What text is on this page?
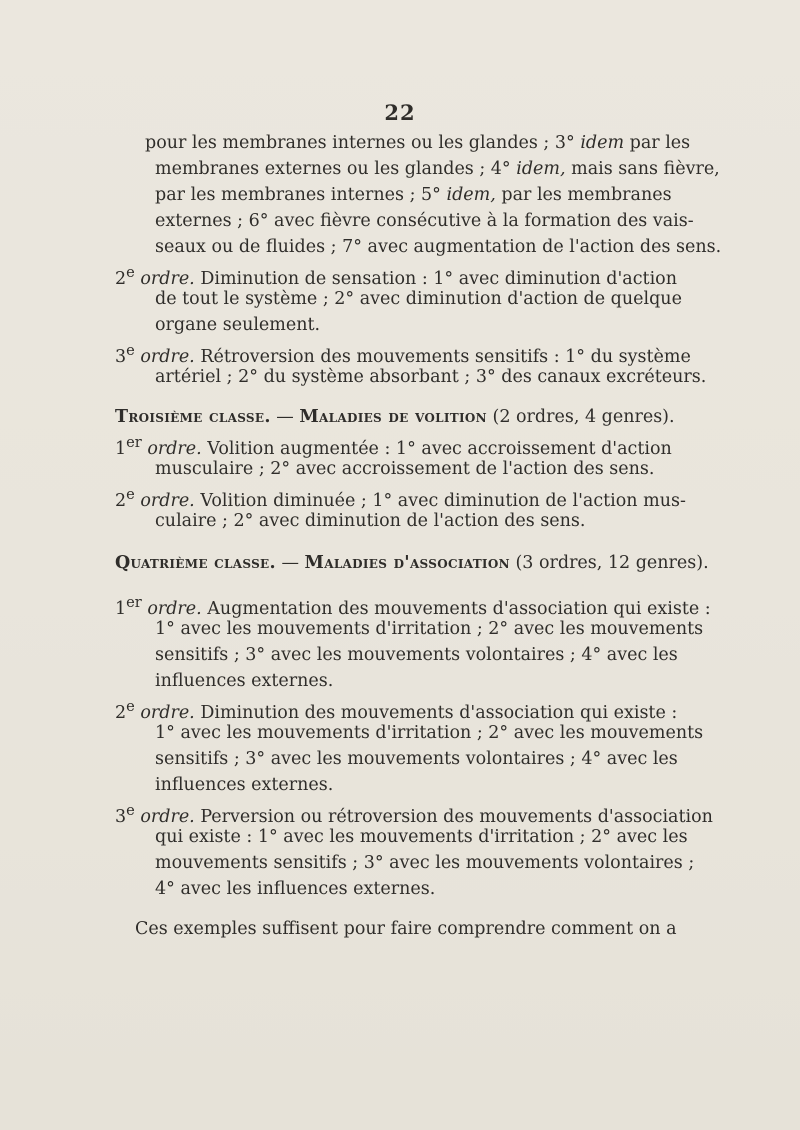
22
pour les membranes internes ou les glandes ; 3° idem par les
membranes externes ou les glandes ; 4° idem, mais sans fièvre,
par les membranes internes ; 5° idem, par les membranes
externes ; 6° avec fièvre consécutive à la formation des vais-
seaux ou de fluides ; 7° avec augmentation de l'action des sens.
2e ordre. Diminution de sensation : 1° avec diminution d'action
de tout le système ; 2° avec diminution d'action de quelque
organe seulement.
3e ordre. Rétroversion des mouvements sensitifs : 1° du système
artériel ; 2° du système absorbant ; 3° des canaux excréteurs.
Troisième classe. — Maladies de volition (2 ordres, 4 genres).
1er ordre. Volition augmentée : 1° avec accroissement d'action
musculaire ; 2° avec accroissement de l'action des sens.
2e ordre. Volition diminuée ; 1° avec diminution de l'action mus-
culaire ; 2° avec diminution de l'action des sens.
Quatrième classe. — Maladies d'association (3 ordres, 12 genres).
1er ordre. Augmentation des mouvements d'association qui existe :
1° avec les mouvements d'irritation ; 2° avec les mouvements
sensitifs ; 3° avec les mouvements volontaires ; 4° avec les
influences externes.
2e ordre. Diminution des mouvements d'association qui existe :
1° avec les mouvements d'irritation ; 2° avec les mouvements
sensitifs ; 3° avec les mouvements volontaires ; 4° avec les
influences externes.
3e ordre. Perversion ou rétroversion des mouvements d'association
qui existe : 1° avec les mouvements d'irritation ; 2° avec les
mouvements sensitifs ; 3° avec les mouvements volontaires ;
4° avec les influences externes.
Ces exemples suffisent pour faire comprendre comment on a
